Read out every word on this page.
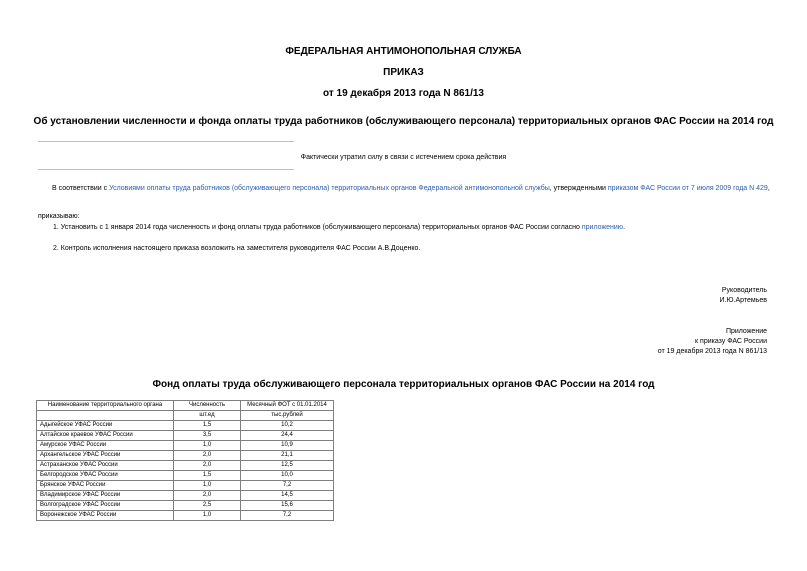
ФЕДЕРАЛЬНАЯ АНТИМОНОПОЛЬНАЯ СЛУЖБА
ПРИКАЗ
от 19 декабря 2013 года N 861/13
Об установлении численности и фонда оплаты труда работников (обслуживающего персонала) территориальных органов ФАС России на 2014 год
Фактически утратил силу в связи с истечением срока действия
В соответствии с Условиями оплаты труда работников (обслуживающего персонала) территориальных органов Федеральной антимонопольной службы, утвержденными приказом ФАС России от 7 июля 2009 года N 429,
приказываю:
1. Установить с 1 января 2014 года численность и фонд оплаты труда работников (обслуживающего персонала) территориальных органов ФАС России согласно приложению.
2. Контроль исполнения настоящего приказа возложить на заместителя руководителя ФАС России А.В.Доценко.
Руководитель
И.Ю.Артемьев
Приложение
к приказу ФАС России
от 19 декабря 2013 года N 861/13
Фонд оплаты труда обслуживающего персонала территориальных органов ФАС России на 2014 год
Наименование территориального органа	Численность	Месячный ФОТ с 01.01.2014
	шт.ед	тыс.рублей
Адыгейское УФАС России	1,5	10,2
Алтайское краевое УФАС России	3,5	24,4
Амурское УФАС России	1,0	10,9
Архангельское УФАС России	2,0	21,1
Астраханское УФАС России	2,0	12,5
Белгородское УФАС России	1,5	10,0
Брянское УФАС России	1,0	7,2
Владимирское УФАС России	2,0	14,5
Волгоградское УФАС России	2,5	15,6
Воронежское УФАС России	1,0	7,2
